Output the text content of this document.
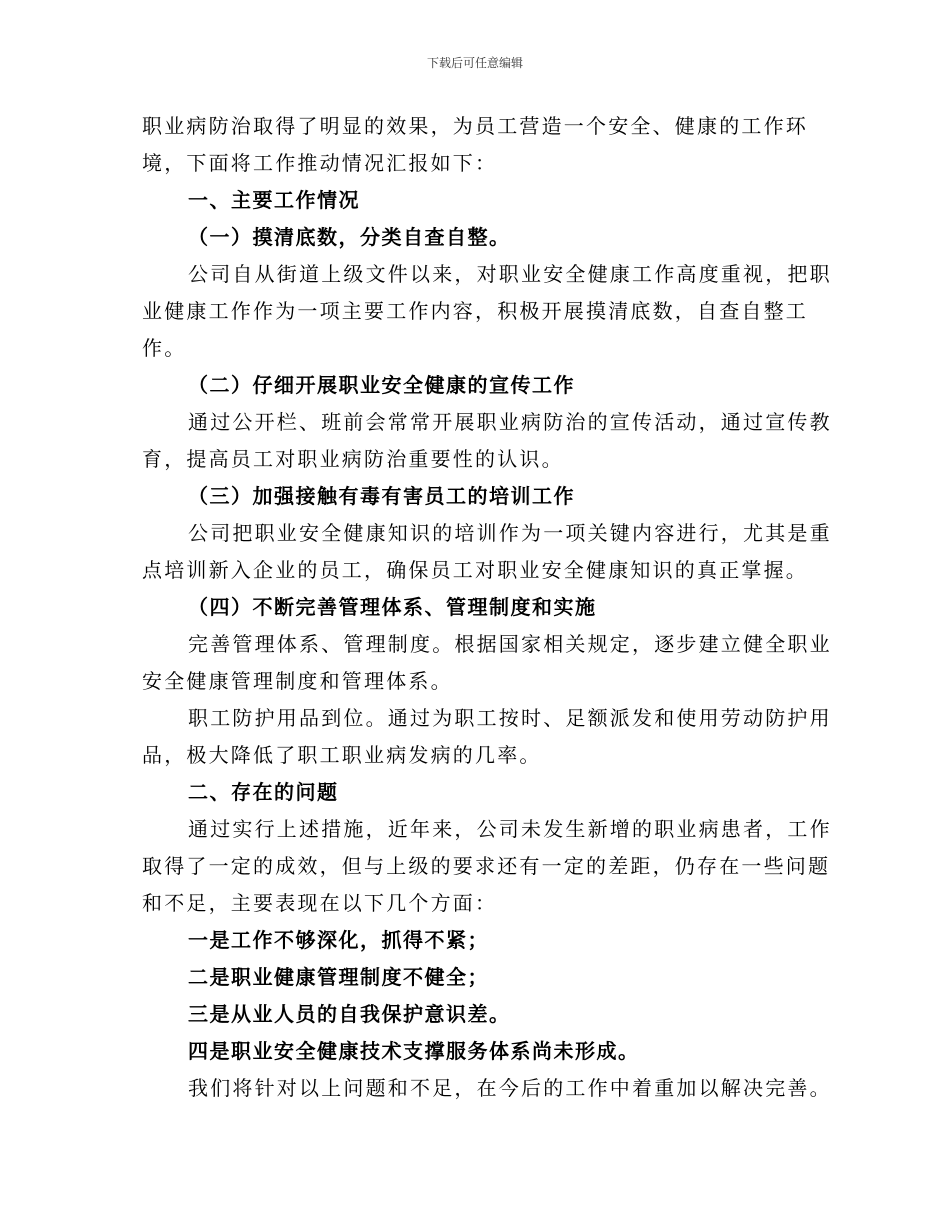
下载后可任意编辑

职业病防治取得了明显的效果，为员工营造一个安全、健康的工作环境，下面将工作推动情况汇报如下：

一、主要工作情况

（一）摸清底数，分类自查自整。

公司自从街道上级文件以来，对职业安全健康工作高度重视，把职业健康工作作为一项主要工作内容，积极开展摸清底数，自查自整工作。

（二）仔细开展职业安全健康的宣传工作

通过公开栏、班前会常常开展职业病防治的宣传活动，通过宣传教育，提高员工对职业病防治重要性的认识。

（三）加强接触有毒有害员工的培训工作

公司把职业安全健康知识的培训作为一项关键内容进行，尤其是重点培训新入企业的员工，确保员工对职业安全健康知识的真正掌握。

（四）不断完善管理体系、管理制度和实施

完善管理体系、管理制度。根据国家相关规定，逐步建立健全职业安全健康管理制度和管理体系。

职工防护用品到位。通过为职工按时、足额派发和使用劳动防护用品，极大降低了职工职业病发病的几率。

二、存在的问题

通过实行上述措施，近年来，公司未发生新增的职业病患者，工作取得了一定的成效，但与上级的要求还有一定的差距，仍存在一些问题和不足，主要表现在以下几个方面：

一是工作不够深化，抓得不紧；

二是职业健康管理制度不健全；

三是从业人员的自我保护意识差。

四是职业安全健康技术支撑服务体系尚未形成。

我们将针对以上问题和不足，在今后的工作中着重加以解决完善。
